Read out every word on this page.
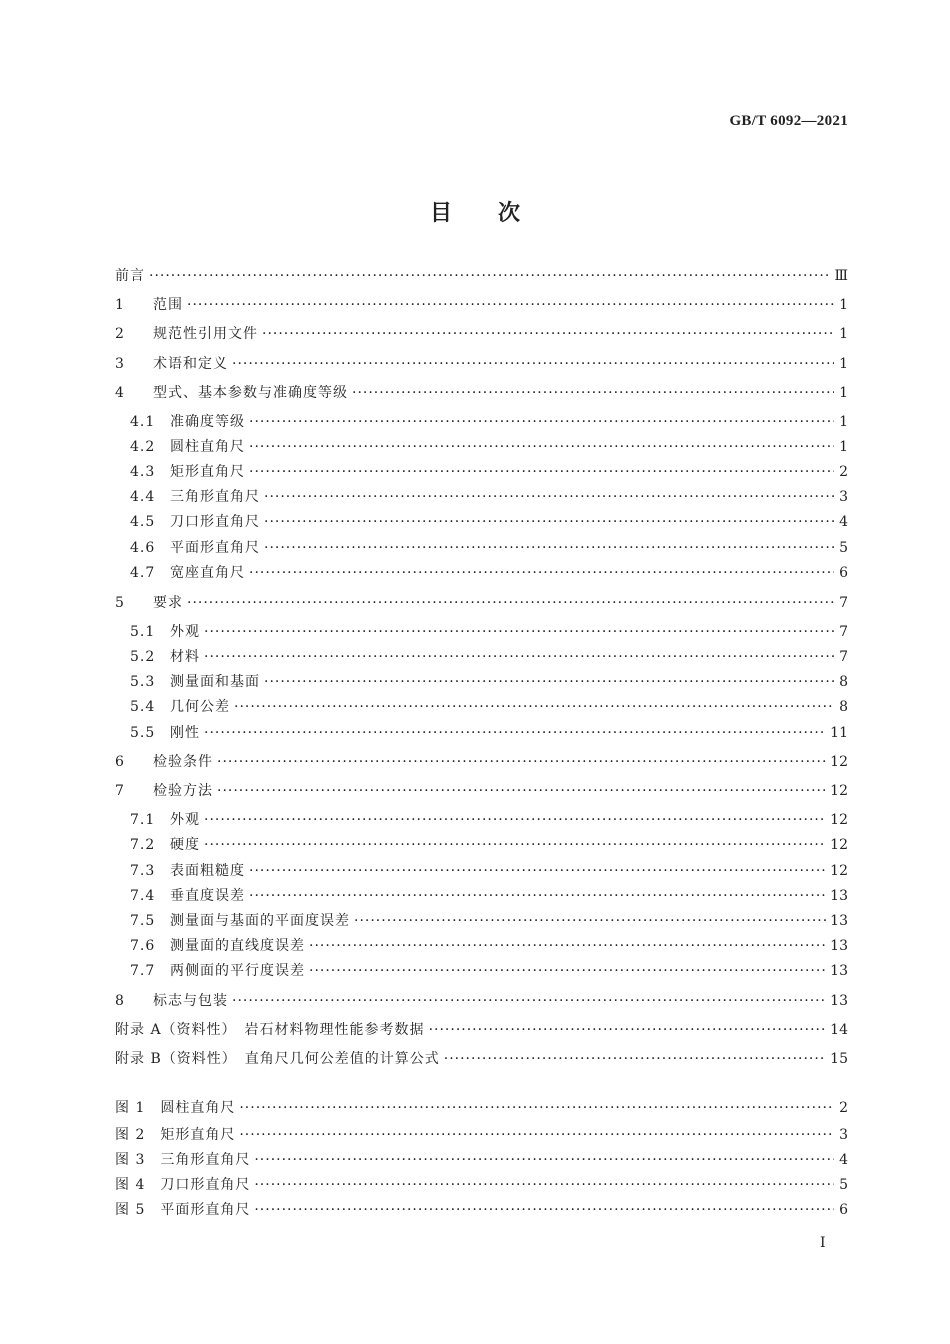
GB/T 6092—2021
目次
前言 ·····	Ⅲ
1	范围 ·····	1
2	规范性引用文件 ·····	1
3	术语和定义 ·····	1
4	型式、基本参数与准确度等级 ·····	1
4.1	准确度等级 ·····	1
4.2	圆柱直角尺 ·····	1
4.3	矩形直角尺 ·····	2
4.4	三角形直角尺 ·····	3
4.5	刀口形直角尺 ·····	4
4.6	平面形直角尺 ·····	5
4.7	宽座直角尺 ·····	6
5	要求 ·····	7
5.1	外观 ·····	7
5.2	材料 ·····	7
5.3	测量面和基面 ·····	8
5.4	几何公差 ·····	8
5.5	刚性 ·····	11
6	检验条件 ·····	12
7	检验方法 ·····	12
7.1	外观 ·····	12
7.2	硬度 ·····	12
7.3	表面粗糙度 ·····	12
7.4	垂直度误差 ·····	13
7.5	测量面与基面的平面度误差 ·····	13
7.6	测量面的直线度误差 ·····	13
7.7	两侧面的平行度误差 ·····	13
8	标志与包装 ·····	13
附录 A（资料性）　岩石材料物理性能参考数据 ·····	14
附录 B（资料性）　直角尺几何公差值的计算公式 ·····	15
图 1　圆柱直角尺 ·····	2
图 2　矩形直角尺 ·····	3
图 3　三角形直角尺 ·····	4
图 4　刀口形直角尺 ·····	5
图 5　平面形直角尺 ·····	6
Ⅰ
